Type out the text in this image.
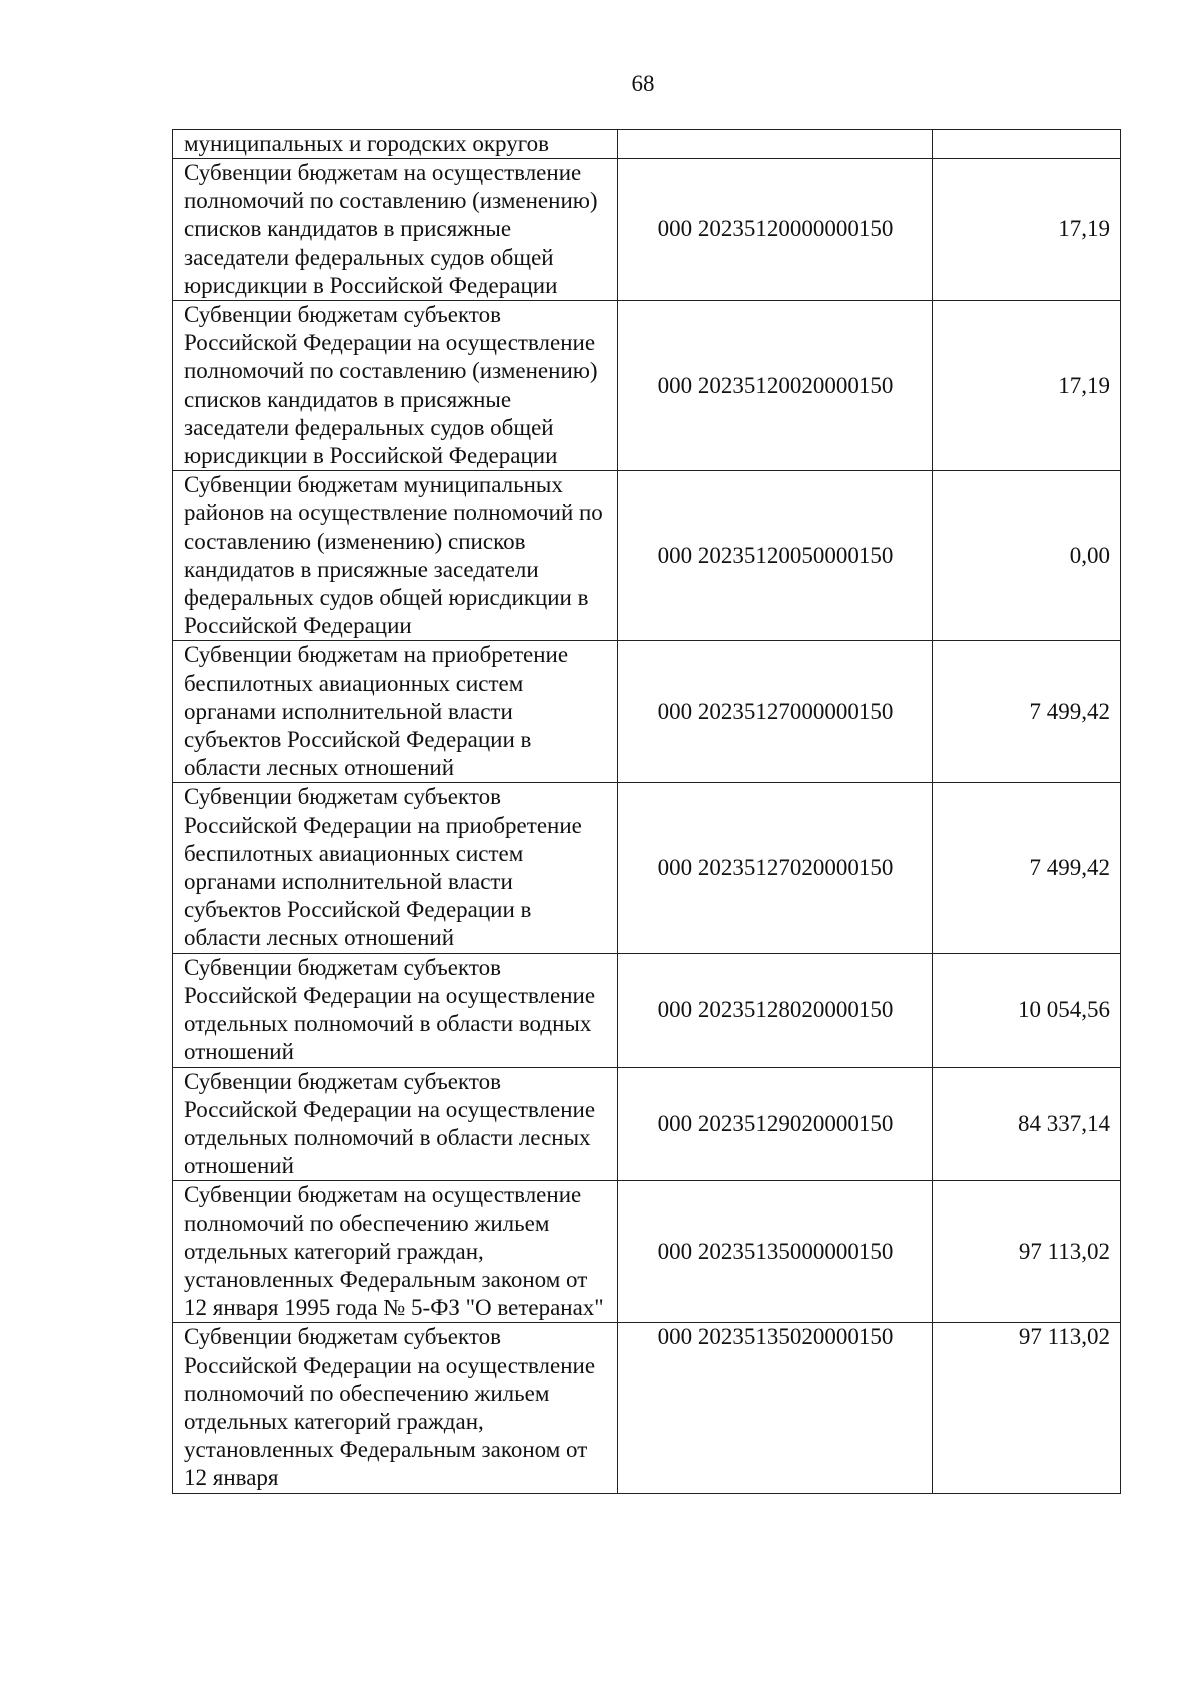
68
муниципальных и городских округов		
Субвенции бюджетам на осуществление полномочий по составлению (изменению) списков кандидатов в присяжные заседатели федеральных судов общей юрисдикции в Российской Федерации	000 20235120000000150	17,19
Субвенции бюджетам субъектов Российской Федерации на осуществление полномочий по составлению (изменению) списков кандидатов в присяжные заседатели федеральных судов общей юрисдикции в Российской Федерации	000 20235120020000150	17,19
Субвенции бюджетам муниципальных районов на осуществление полномочий по составлению (изменению) списков кандидатов в присяжные заседатели федеральных судов общей юрисдикции в Российской Федерации	000 20235120050000150	0,00
Субвенции бюджетам на приобретение беспилотных авиационных систем органами исполнительной власти субъектов Российской Федерации в области лесных отношений	000 20235127000000150	7 499,42
Субвенции бюджетам субъектов Российской Федерации на приобретение беспилотных авиационных систем органами исполнительной власти субъектов Российской Федерации в области лесных отношений	000 20235127020000150	7 499,42
Субвенции бюджетам субъектов Российской Федерации на осуществление отдельных полномочий в области водных отношений	000 20235128020000150	10 054,56
Субвенции бюджетам субъектов Российской Федерации на осуществление отдельных полномочий в области лесных отношений	000 20235129020000150	84 337,14
Субвенции бюджетам на осуществление полномочий по обеспечению жильем отдельных категорий граждан, установленных Федеральным законом от 12 января 1995 года № 5-ФЗ "О ветеранах"	000 20235135000000150	97 113,02
Субвенции бюджетам субъектов Российской Федерации на осуществление полномочий по обеспечению жильем отдельных категорий граждан, установленных Федеральным законом от 12 января	000 20235135020000150	97 113,02
